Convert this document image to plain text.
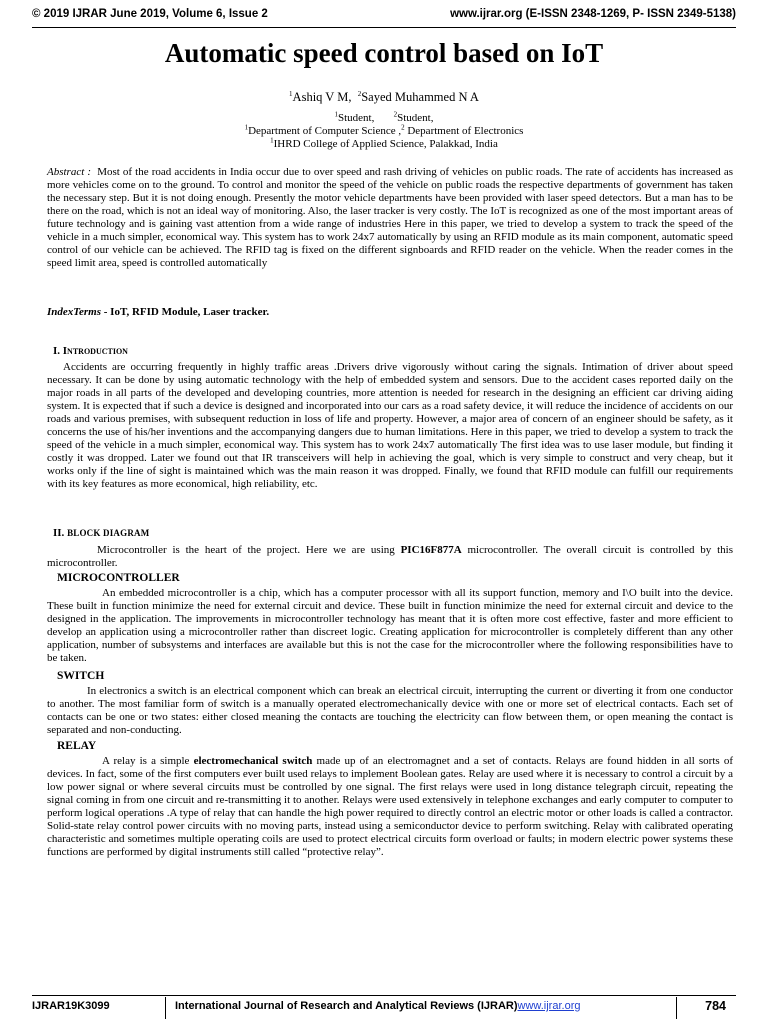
© 2019 IJRAR June 2019, Volume 6, Issue 2	www.ijrar.org (E-ISSN 2348-1269, P- ISSN 2349-5138)
Automatic speed control based on IoT
$^1$Ashiq V M, $^2$Sayed Muhammed N A
$^1$Student,	$^2$Student,
$^1$Department of Computer Science ,$^2$ Department of Electronics
$^1$IHRD College of Applied Science, Palakkad, India
Abstract : Most of the road accidents in India occur due to over speed and rash driving of vehicles on public roads. The rate of accidents has increased as more vehicles come on to the ground. To control and monitor the speed of the vehicle on public roads the respective departments of government has taken the necessary step. But it is not doing enough. Presently the motor vehicle departments have been provided with laser speed detectors. But a man has to be there on the road, which is not an ideal way of monitoring. Also, the laser tracker is very costly. The IoT is recognized as one of the most important areas of future technology and is gaining vast attention from a wide range of industries Here in this paper, we tried to develop a system to track the speed of the vehicle in a much simpler, economical way. This system has to work 24x7 automatically by using an RFID module as its main component, automatic speed control of our vehicle can be achieved. The RFID tag is fixed on the different signboards and RFID reader on the vehicle. When the reader comes in the speed limit area, speed is controlled automatically
IndexTerms - IoT, RFID Module, Laser tracker.
I. Introduction
Accidents are occurring frequently in highly traffic areas .Drivers drive vigorously without caring the signals. Intimation of driver about speed necessary. It can be done by using automatic technology with the help of embedded system and sensors. Due to the accident cases reported daily on the major roads in all parts of the developed and developing countries, more attention is needed for research in the designing an efficient car driving aiding system. It is expected that if such a device is designed and incorporated into our cars as a road safety device, it will reduce the incidence of accidents on our roads and various premises, with subsequent reduction in loss of life and property. However, a major area of concern of an engineer should be safety, as it concerns the use of his/her inventions and the accompanying dangers due to human limitations. Here in this paper, we tried to develop a system to track the speed of the vehicle in a much simpler, economical way. This system has to work 24x7 automatically The first idea was to use laser module, but finding it costly it was dropped. Later we found out that IR transceivers will help in achieving the goal, which is very simple to construct and very cheap, but it works only if the line of sight is maintained which was the main reason it was dropped. Finally, we found that RFID module can fulfill our requirements with its key features as more economical, high reliability, etc.
II. BLOCK DIAGRAM
Microcontroller is the heart of the project. Here we are using PIC16F877A microcontroller. The overall circuit is controlled by this microcontroller.
MICROCONTROLLER
An embedded microcontroller is a chip, which has a computer processor with all its support function, memory and I\O built into the device. These built in function minimize the need for external circuit and device. These built in function minimize the need for external circuit and device to the designed in the application. The improvements in microcontroller technology has meant that it is often more cost effective, faster and more efficient to develop an application using a microcontroller rather than discreet logic. Creating application for microcontroller is completely different than any other application, number of subsystems and interfaces are available but this is not the case for the microcontroller where the following responsibilities have to be taken.
SWITCH
In electronics a switch is an electrical component which can break an electrical circuit, interrupting the current or diverting it from one conductor to another. The most familiar form of switch is a manually operated electromechanically device with one or more set of electrical contacts. Each set of contacts can be one or two states: either closed meaning the contacts are touching the electricity can flow between them, or open meaning the contact is separated and non-conducting.
RELAY
A relay is a simple electromechanical switch made up of an electromagnet and a set of contacts. Relays are found hidden in all sorts of devices. In fact, some of the first computers ever built used relays to implement Boolean gates. Relay are used where it is necessary to control a circuit by a low power signal or where several circuits must be controlled by one signal. The first relays were used in long distance telegraph circuit, repeating the signal coming in from one circuit and re-transmitting it to another. Relays were used extensively in telephone exchanges and early computer to computer to perform logical operations .A type of relay that can handle the high power required to directly control an electric motor or other loads is called a contractor. Solid-state relay control power circuits with no moving parts, instead using a semiconductor device to perform switching. Relay with calibrated operating characteristic and sometimes multiple operating coils are used to protect electrical circuits form overload or faults; in modern electric power systems these functions are performed by digital instruments still called “protective relay”.
IJRAR19K3099	International Journal of Research and Analytical Reviews (IJRAR)www.ijrar.org	784
